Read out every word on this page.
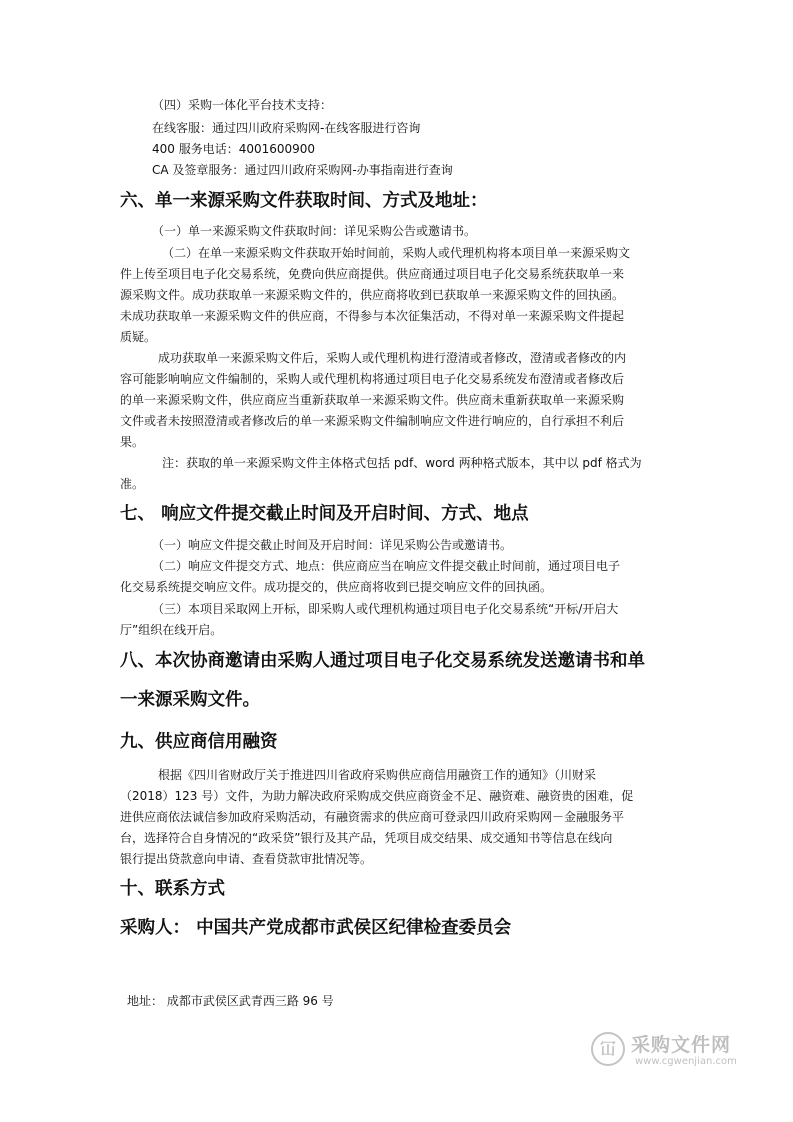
（四）采购一体化平台技术支持：
在线客服：通过四川政府采购网-在线客服进行咨询
400 服务电话：4001600900
CA 及签章服务：通过四川政府采购网-办事指南进行查询
六、单一来源采购文件获取时间、方式及地址：
（一）单一来源采购文件获取时间：详见采购公告或邀请书。
（二）在单一来源采购文件获取开始时间前，采购人或代理机构将本项目单一来源采购文
件上传至项目电子化交易系统，免费向供应商提供。供应商通过项目电子化交易系统获取单一来
源采购文件。成功获取单一来源采购文件的，供应商将收到已获取单一来源采购文件的回执函。
未成功获取单一来源采购文件的供应商，不得参与本次征集活动，不得对单一来源采购文件提起
质疑。
成功获取单一来源采购文件后，采购人或代理机构进行澄清或者修改，澄清或者修改的内
容可能影响响应文件编制的，采购人或代理机构将通过项目电子化交易系统发布澄清或者修改后
的单一来源采购文件，供应商应当重新获取单一来源采购文件。供应商未重新获取单一来源采购
文件或者未按照澄清或者修改后的单一来源采购文件编制响应文件进行响应的，自行承担不利后
果。
注：获取的单一来源采购文件主体格式包括 pdf、word 两种格式版本，其中以 pdf 格式为
准。
七、 响应文件提交截止时间及开启时间、方式、地点
（一）响应文件提交截止时间及开启时间：详见采购公告或邀请书。
（二）响应文件提交方式、地点：供应商应当在响应文件提交截止时间前，通过项目电子
化交易系统提交响应文件。成功提交的，供应商将收到已提交响应文件的回执函。
（三）本项目采取网上开标，即采购人或代理机构通过项目电子化交易系统“开标/开启大
厅”组织在线开启。
八、本次协商邀请由采购人通过项目电子化交易系统发送邀请书和单
一来源采购文件。
九、供应商信用融资
根据《四川省财政厅关于推进四川省政府采购供应商信用融资工作的通知》（川财采
（2018）123 号）文件，为助力解决政府采购成交供应商资金不足、融资难、融资贵的困难，促
进供应商依法诚信参加政府采购活动，有融资需求的供应商可登录四川政府采购网－金融服务平
台，选择符合自身情况的“政采贷”银行及其产品，凭项目成交结果、成交通知书等信息在线向
银行提出贷款意向申请、查看贷款审批情况等。
十、联系方式
采购人： 中国共产党成都市武侯区纪律检查委员会
地址： 成都市武侯区武青西三路 96 号
冚 采购文件网
www.cgwenjian.com
